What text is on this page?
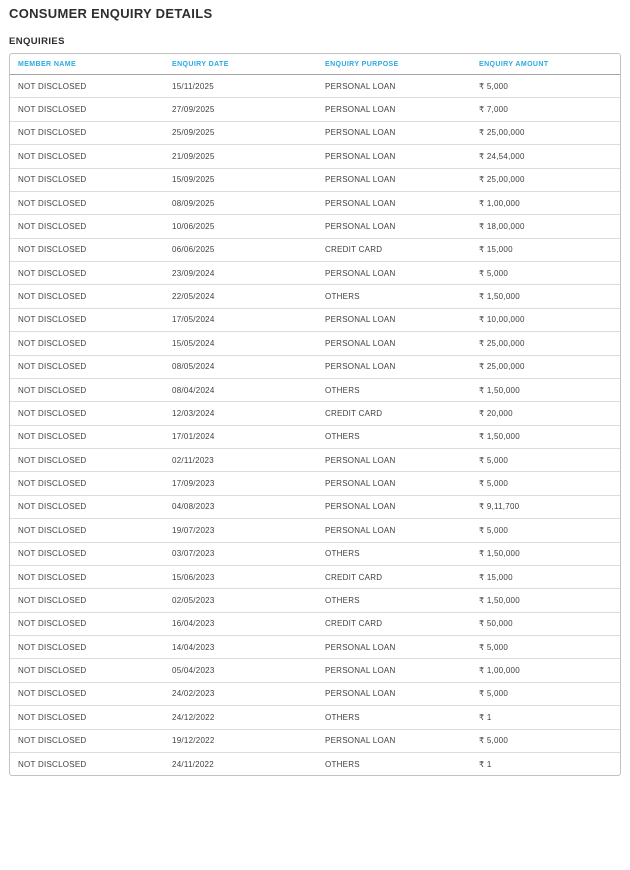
CONSUMER ENQUIRY DETAILS
ENQUIRIES
MEMBER NAME	ENQUIRY DATE	ENQUIRY PURPOSE	ENQUIRY AMOUNT
NOT DISCLOSED	15/11/2025	PERSONAL LOAN	₹ 5,000
NOT DISCLOSED	27/09/2025	PERSONAL LOAN	₹ 7,000
NOT DISCLOSED	25/09/2025	PERSONAL LOAN	₹ 25,00,000
NOT DISCLOSED	21/09/2025	PERSONAL LOAN	₹ 24,54,000
NOT DISCLOSED	15/09/2025	PERSONAL LOAN	₹ 25,00,000
NOT DISCLOSED	08/09/2025	PERSONAL LOAN	₹ 1,00,000
NOT DISCLOSED	10/06/2025	PERSONAL LOAN	₹ 18,00,000
NOT DISCLOSED	06/06/2025	CREDIT CARD	₹ 15,000
NOT DISCLOSED	23/09/2024	PERSONAL LOAN	₹ 5,000
NOT DISCLOSED	22/05/2024	OTHERS	₹ 1,50,000
NOT DISCLOSED	17/05/2024	PERSONAL LOAN	₹ 10,00,000
NOT DISCLOSED	15/05/2024	PERSONAL LOAN	₹ 25,00,000
NOT DISCLOSED	08/05/2024	PERSONAL LOAN	₹ 25,00,000
NOT DISCLOSED	08/04/2024	OTHERS	₹ 1,50,000
NOT DISCLOSED	12/03/2024	CREDIT CARD	₹ 20,000
NOT DISCLOSED	17/01/2024	OTHERS	₹ 1,50,000
NOT DISCLOSED	02/11/2023	PERSONAL LOAN	₹ 5,000
NOT DISCLOSED	17/09/2023	PERSONAL LOAN	₹ 5,000
NOT DISCLOSED	04/08/2023	PERSONAL LOAN	₹ 9,11,700
NOT DISCLOSED	19/07/2023	PERSONAL LOAN	₹ 5,000
NOT DISCLOSED	03/07/2023	OTHERS	₹ 1,50,000
NOT DISCLOSED	15/06/2023	CREDIT CARD	₹ 15,000
NOT DISCLOSED	02/05/2023	OTHERS	₹ 1,50,000
NOT DISCLOSED	16/04/2023	CREDIT CARD	₹ 50,000
NOT DISCLOSED	14/04/2023	PERSONAL LOAN	₹ 5,000
NOT DISCLOSED	05/04/2023	PERSONAL LOAN	₹ 1,00,000
NOT DISCLOSED	24/02/2023	PERSONAL LOAN	₹ 5,000
NOT DISCLOSED	24/12/2022	OTHERS	₹ 1
NOT DISCLOSED	19/12/2022	PERSONAL LOAN	₹ 5,000
NOT DISCLOSED	24/11/2022	OTHERS	₹ 1
